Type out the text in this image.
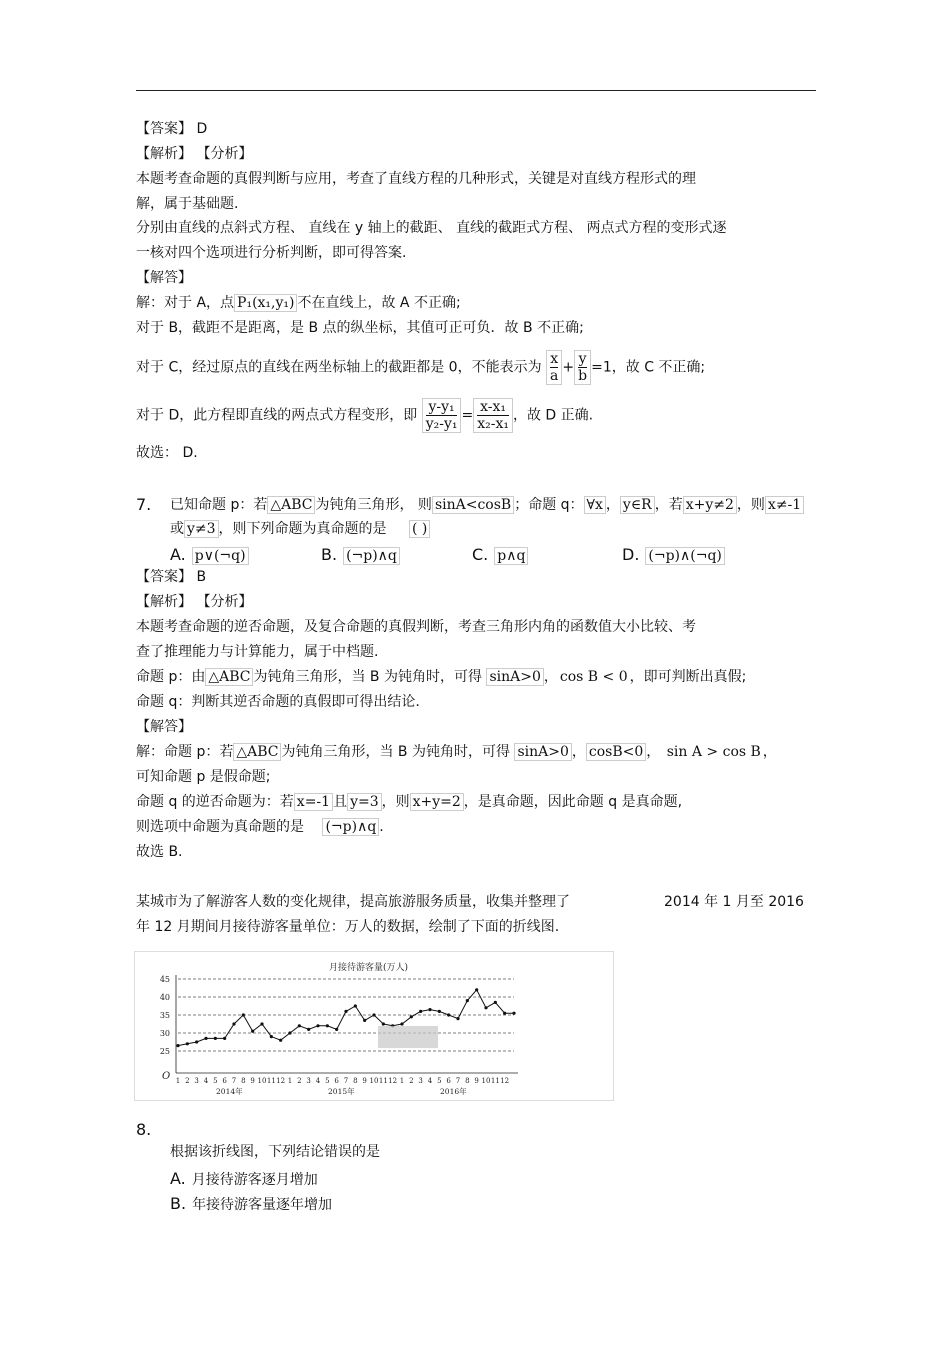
【答案】 D
【解析】 【分析】
本题考查命题的真假判断与应用，考查了直线方程的几种形式，关键是对直线方程形式的理
解，属于基础题.
分别由直线的点斜式方程、 直线在 y 轴上的截距、 直线的截距式方程、 两点式方程的变形式逐
一核对四个选项进行分析判断，即可得答案.
【解答】
解：对于 A，点 P₁(x₁,y₁) 不在直线上，故 A 不正确;
对于 B，截距不是距离，是 B 点的纵坐标，其值可正可负．故 B 不正确;
对于 C，经过原点的直线在两坐标轴上的截距都是 0，不能表示为 $\frac{x}{a} + \frac{y}{b} =1$，故 C 不正确;
对于 D，此方程即直线的两点式方程变形，即 $\frac{\text{y-y₁}}{\text{y₂-y₁}} = \frac{\text{x-x₁}}{\text{x₂-x₁}}$ ，故 D 正确.
故选： D.
7. 已知命题 p：若 △ABC 为钝角三角形， 则 sinA<cosB ；命题 q： ∀x ， y∈R ，若 x+y≠2 ，则 x≠-1
或 y≠3 ，则下列命题为真命题的是 ( )
A. p∨(¬q)	B. (¬p)∧q	C. p∧q	D. (¬p)∧(¬q)
【答案】 B
【解析】 【分析】
本题考查命题的逆否命题，及复合命题的真假判断，考查三角形内角的函数值大小比较、考
查了推理能力与计算能力，属于中档题.
命题 p：由 △ABC 为钝角三角形，当 B 为钝角时，可得 sinA>0 ， cos B < 0 ，即可判断出真假;
命题 q：判断其逆否命题的真假即可得出结论.
【解答】
解：命题 p：若 △ABC 为钝角三角形，当 B 为钝角时，可得 sinA>0 ， cosB<0 ， sin A > cos B ，
可知命题 p 是假命题;
命题 q 的逆否命题为：若 x=-1 且 y=3 ，则 x+y=2 ，是真命题，因此命题 q 是真命题,
则选项中命题为真命题的是 (¬p)∧q .
故选 B.
某城市为了解游客人数的变化规律，提高旅游服务质量，收集并整理了	2014 年 1 月至 2016
年 12 月期间月接待游客量单位：万人的数据，绘制了下面的折线图.
月接待游客量(万人)
25
30
35
40
45
1 2 3 4 5 6 7 8 9 10 11 12 1 2 3 4 5 6 7 8 9 10 11 12 1 2 3 4 5 6 7 8 9 10 11 12
2014年	2015年	2016年
O
8.
根据该折线图，下列结论错误的是
A. 月接待游客逐月增加
B. 年接待游客量逐年增加
